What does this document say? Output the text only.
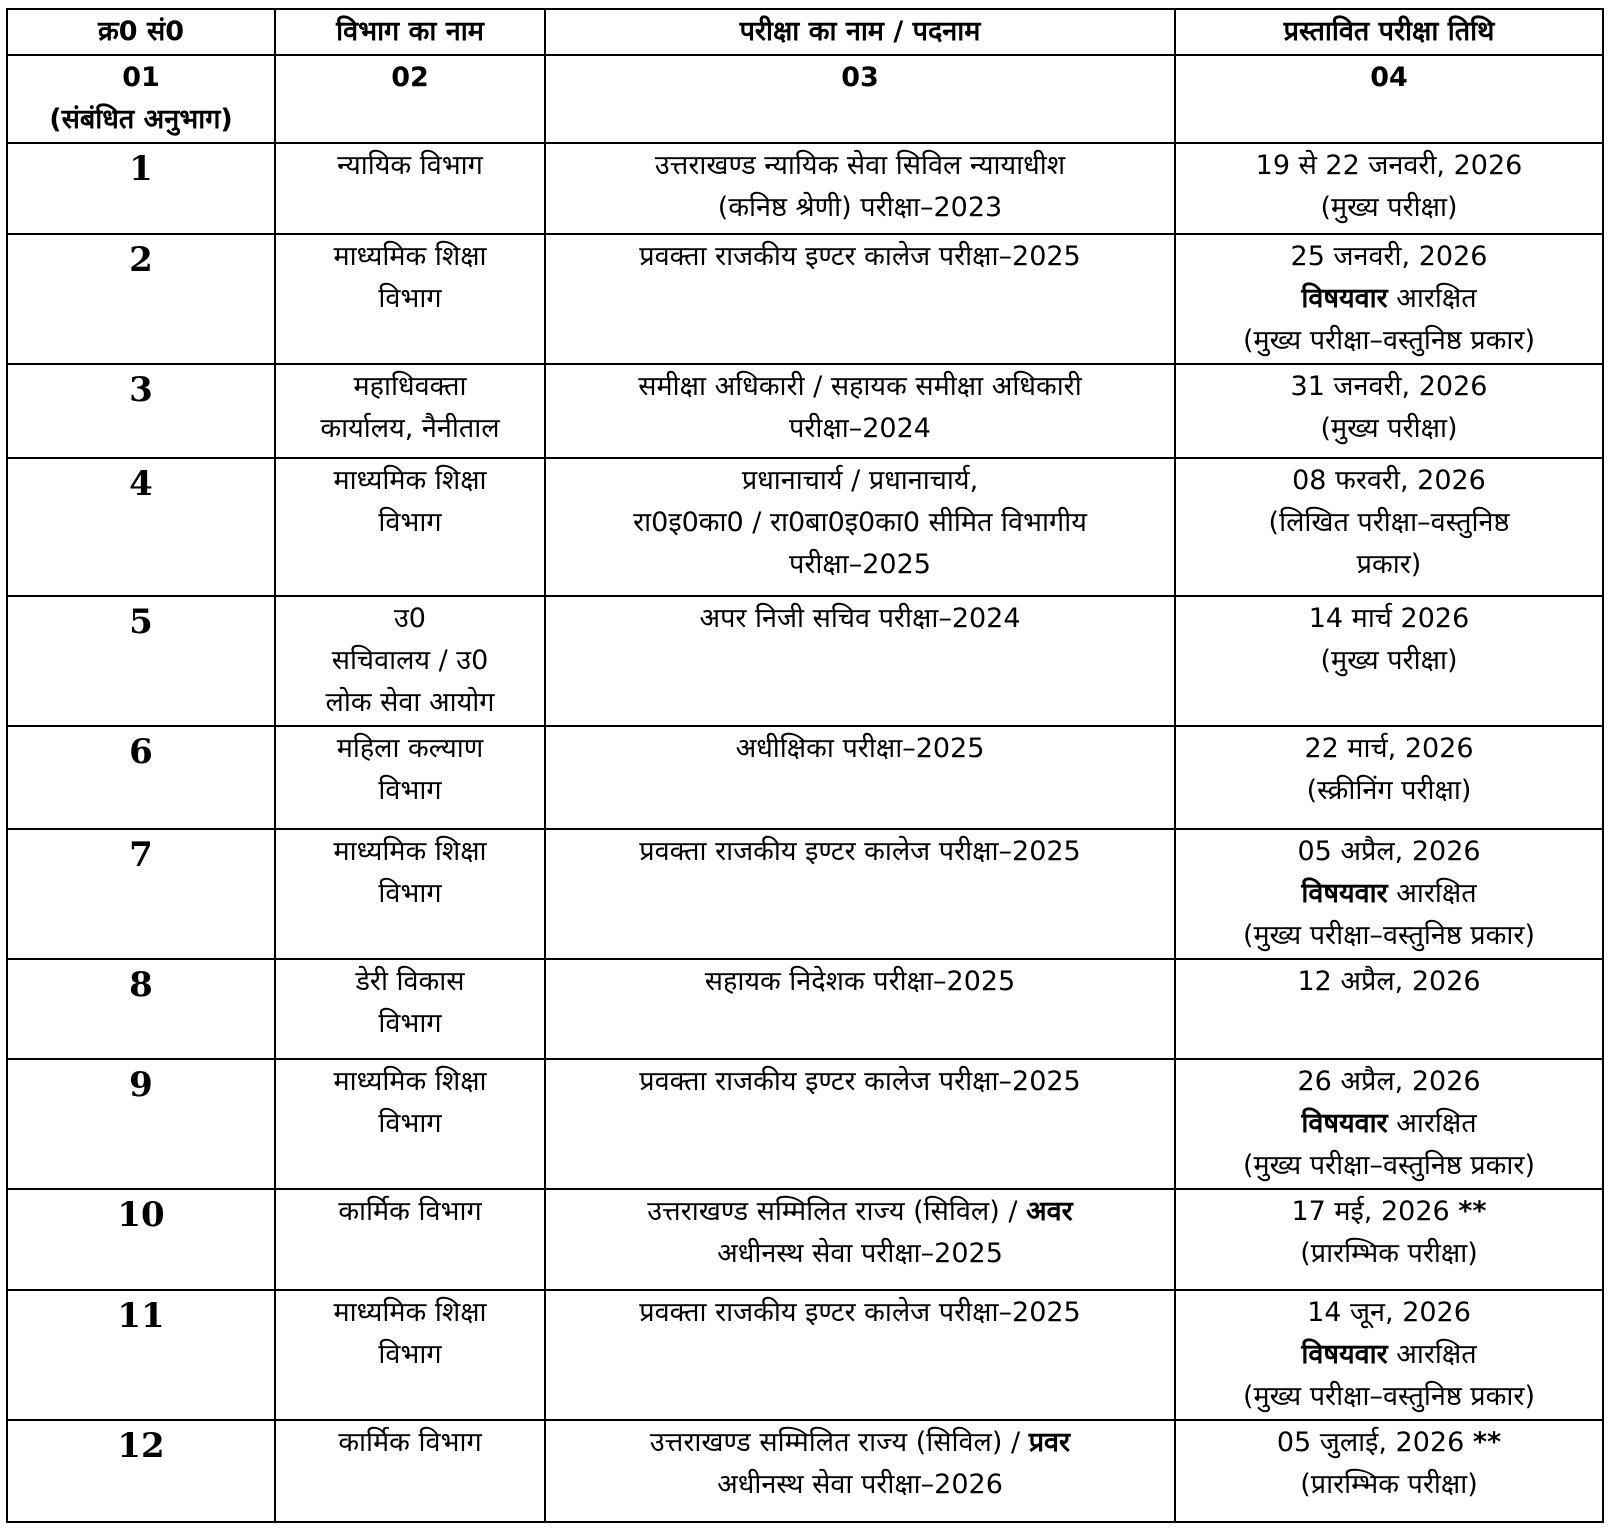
क्र0 सं0	विभाग का नाम	परीक्षा का नाम / पदनाम	प्रस्तावित परीक्षा तिथि

01
(संबंधित अनुभाग)	02	03	04
1	न्यायिक विभाग	उत्तराखण्ड न्यायिक सेवा सिविल न्यायाधीश
(कनिष्ठ श्रेणी) परीक्षा–2023	19 से 22 जनवरी, 2026
(मुख्य परीक्षा)

2	माध्यमिक शिक्षा
विभाग	प्रवक्ता राजकीय इण्टर कालेज परीक्षा–2025	25 जनवरी, 2026
विषयवार आरक्षित
(मुख्य परीक्षा–वस्तुनिष्ठ प्रकार)

3	महाधिवक्ता
कार्यालय, नैनीताल	समीक्षा अधिकारी / सहायक समीक्षा अधिकारी
परीक्षा–2024	31 जनवरी, 2026
(मुख्य परीक्षा)

4	माध्यमिक शिक्षा
विभाग	प्रधानाचार्य / प्रधानाचार्य,
रा0इ0का0 / रा0बा0इ0का0 सीमित विभागीय
परीक्षा–2025	08 फरवरी, 2026
(लिखित परीक्षा–वस्तुनिष्ठ
प्रकार)

5	उ0
सचिवालय / उ0
लोक सेवा आयोग	अपर निजी सचिव परीक्षा–2024	14 मार्च 2026
(मुख्य परीक्षा)

6	महिला कल्याण
विभाग	अधीक्षिका परीक्षा–2025	22 मार्च, 2026
(स्क्रीनिंग परीक्षा)

7	माध्यमिक शिक्षा
विभाग	प्रवक्ता राजकीय इण्टर कालेज परीक्षा–2025	05 अप्रैल, 2026
विषयवार आरक्षित
(मुख्य परीक्षा–वस्तुनिष्ठ प्रकार)

8	डेरी विकास
विभाग	सहायक निदेशक परीक्षा–2025	12 अप्रैल, 2026

9	माध्यमिक शिक्षा
विभाग	प्रवक्ता राजकीय इण्टर कालेज परीक्षा–2025	26 अप्रैल, 2026
विषयवार आरक्षित
(मुख्य परीक्षा–वस्तुनिष्ठ प्रकार)

10	कार्मिक विभाग	उत्तराखण्ड सम्मिलित राज्य (सिविल) / अवर
अधीनस्थ सेवा परीक्षा–2025	17 मई, 2026 **
(प्रारम्भिक परीक्षा)

11	माध्यमिक शिक्षा
विभाग	प्रवक्ता राजकीय इण्टर कालेज परीक्षा–2025	14 जून, 2026
विषयवार आरक्षित
(मुख्य परीक्षा–वस्तुनिष्ठ प्रकार)

12	कार्मिक विभाग	उत्तराखण्ड सम्मिलित राज्य (सिविल) / प्रवर
अधीनस्थ सेवा परीक्षा–2026	05 जुलाई, 2026 **
(प्रारम्भिक परीक्षा)
